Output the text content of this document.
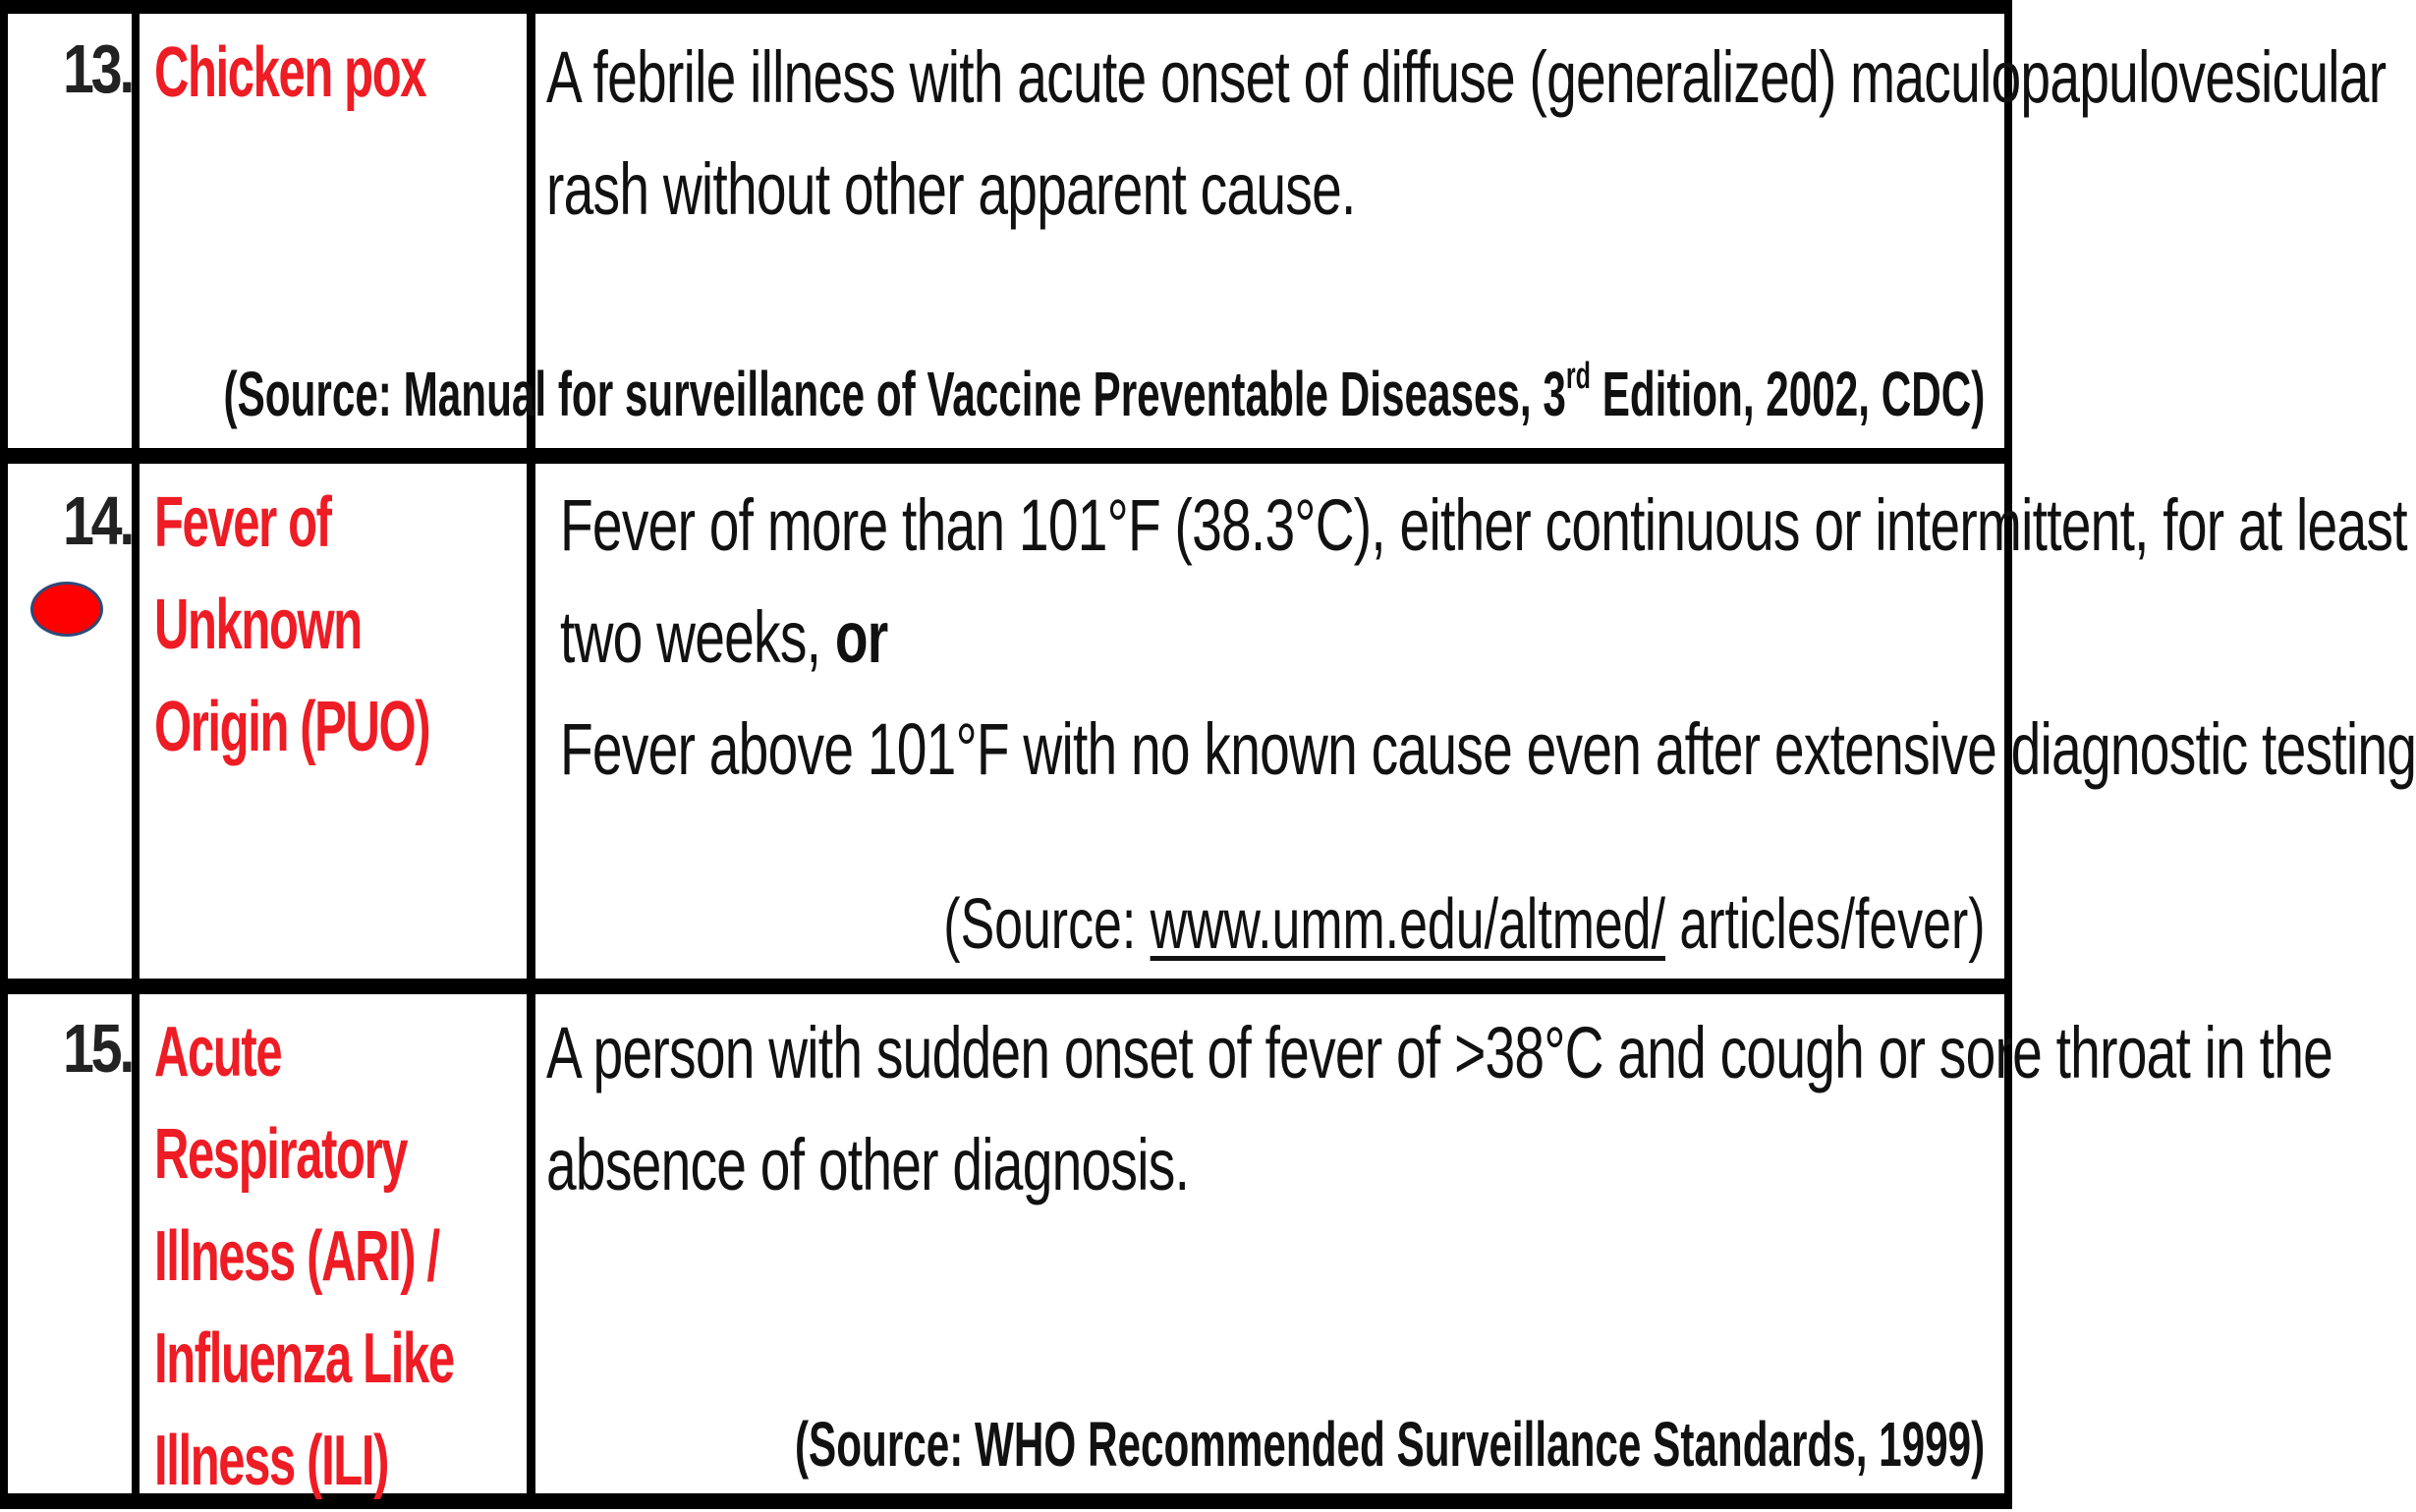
13. Chicken pox	A febrile illness with acute onset of diffuse (generalized) maculopapulovesicular
rash without other apparent cause.
(Source: Manual for surveillance of Vaccine Preventable Diseases, 3rd Edition, 2002, CDC)
14. Fever of Unknown
Origin (PUO)
Fever of more than 101°F (38.3°C), either continuous or intermittent, for at least
two weeks, or
Fever above 101°F with no known cause even after extensive diagnostic testing
(Source: www.umm.edu/altmed/ articles/fever)
15. Acute Respiratory
Illness (ARI) /
Influenza Like
Illness (ILI)
A person with sudden onset of fever of >38°C and cough or sore throat in the
absence of other diagnosis.
(Source: WHO Recommended Surveillance Standards, 1999)
